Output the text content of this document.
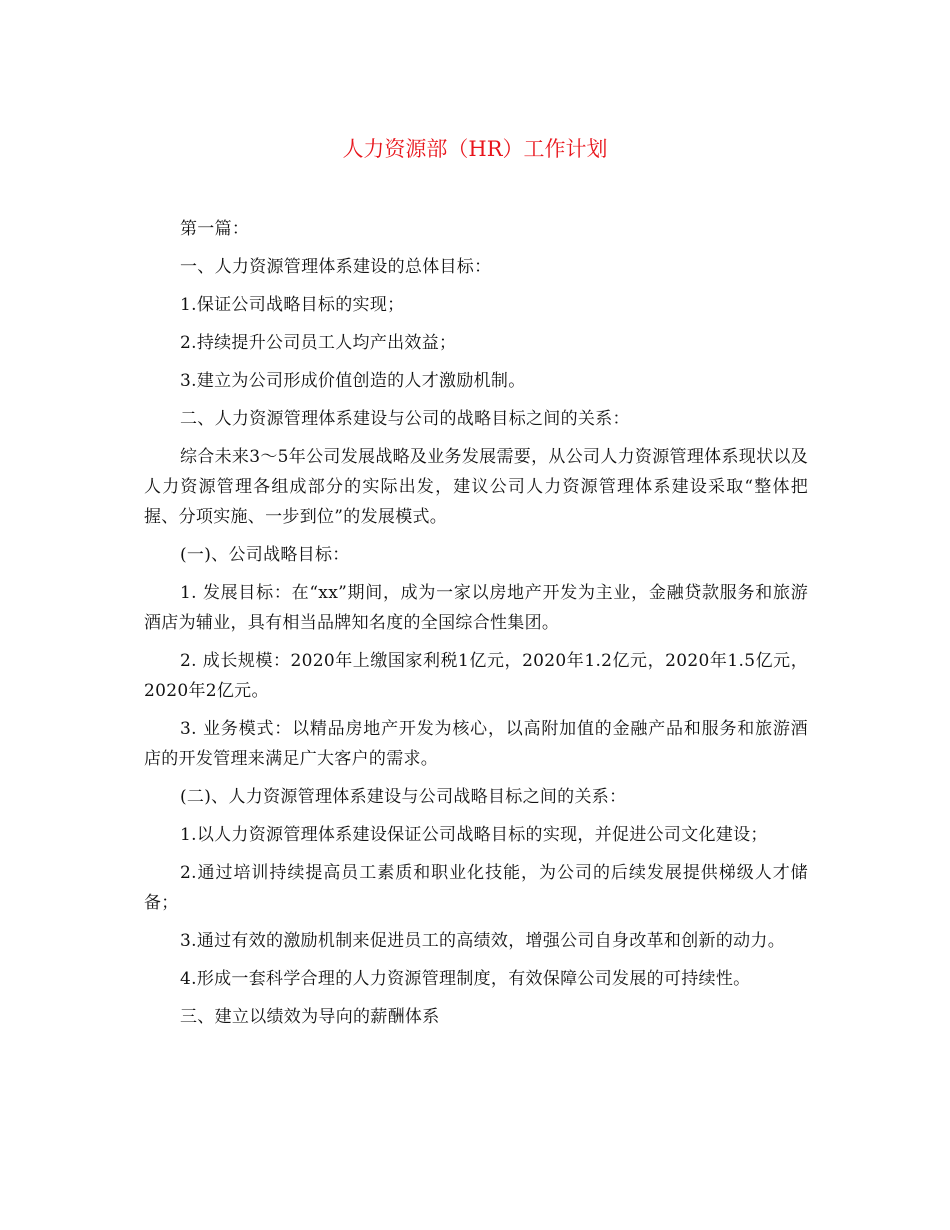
人力资源部（HR）工作计划

第一篇：

一、人力资源管理体系建设的总体目标：

1.保证公司战略目标的实现；

2.持续提升公司员工人均产出效益；

3.建立为公司形成价值创造的人才激励机制。

二、人力资源管理体系建设与公司的战略目标之间的关系：

综合未来3～5年公司发展战略及业务发展需要，从公司人力资源管理体系现状以及人力资源管理各组成部分的实际出发，建议公司人力资源管理体系建设采取“整体把握、分项实施、一步到位”的发展模式。

(一)、公司战略目标：

1. 发展目标：在“xx”期间，成为一家以房地产开发为主业，金融贷款服务和旅游酒店为辅业，具有相当品牌知名度的全国综合性集团。

2. 成长规模：2020年上缴国家利税1亿元，2020年1.2亿元，2020年1.5亿元，2020年2亿元。

3. 业务模式：以精品房地产开发为核心，以高附加值的金融产品和服务和旅游酒店的开发管理来满足广大客户的需求。

(二)、人力资源管理体系建设与公司战略目标之间的关系：

1.以人力资源管理体系建设保证公司战略目标的实现，并促进公司文化建设；

2.通过培训持续提高员工素质和职业化技能，为公司的后续发展提供梯级人才储备；

3.通过有效的激励机制来促进员工的高绩效，增强公司自身改革和创新的动力。

4.形成一套科学合理的人力资源管理制度，有效保障公司发展的可持续性。

三、建立以绩效为导向的薪酬体系
